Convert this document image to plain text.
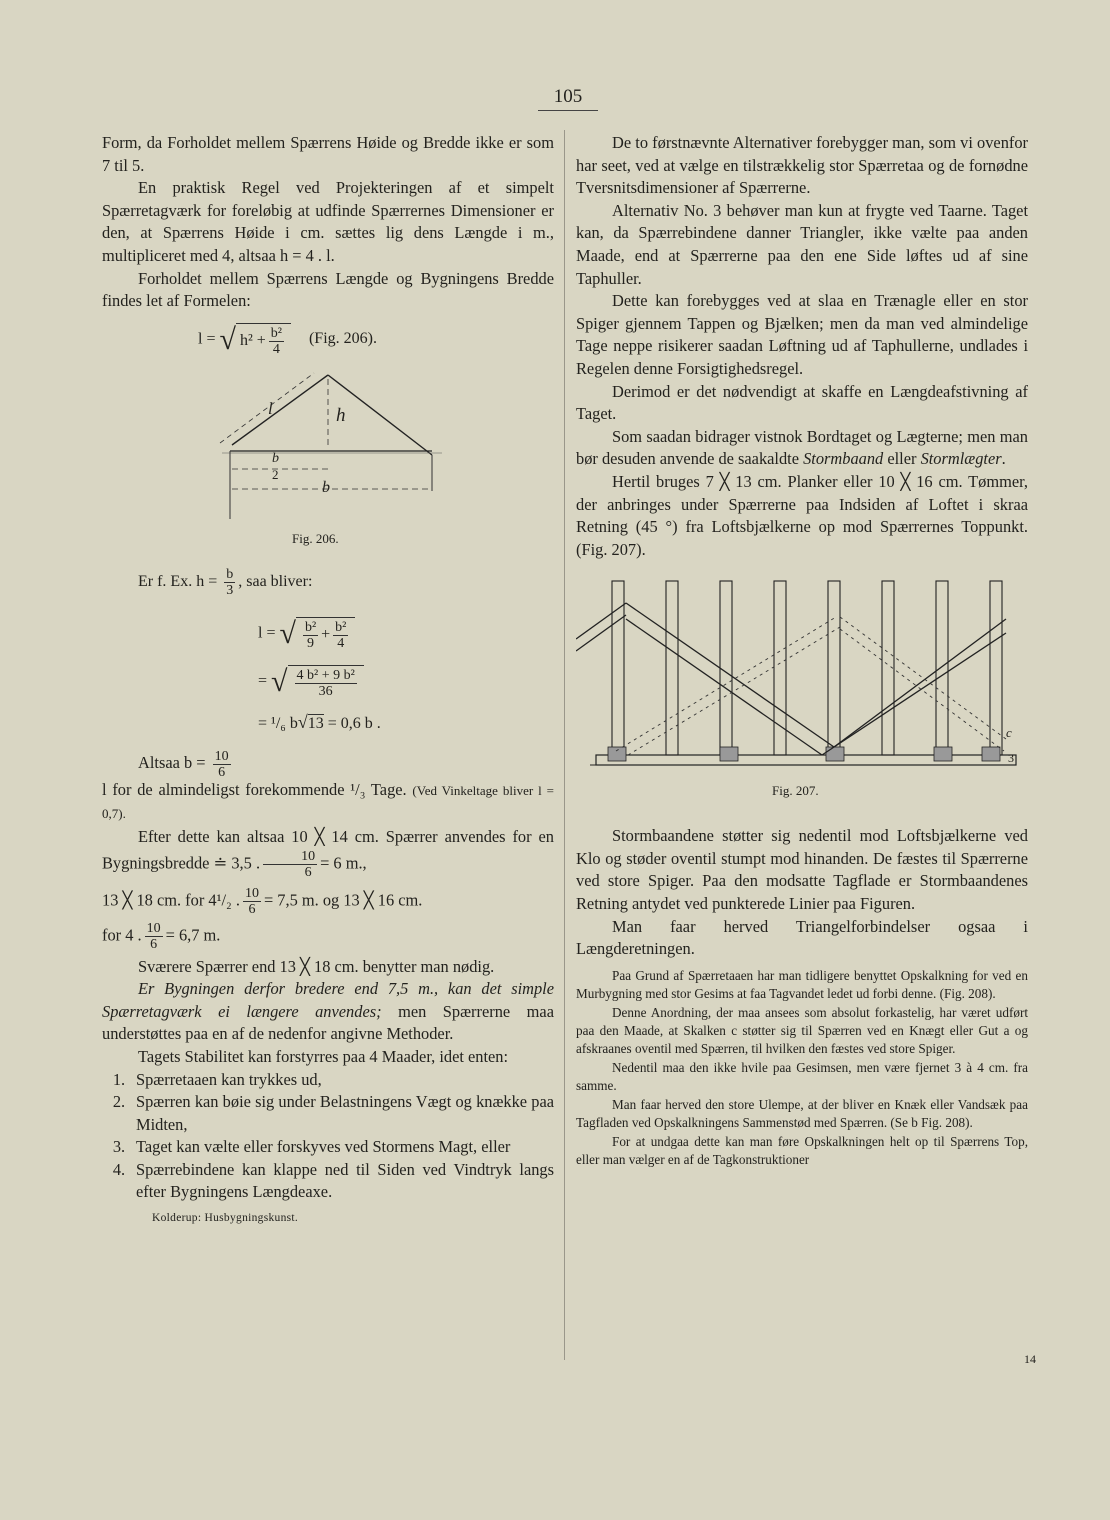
105

Form, da Forholdet mellem Spærrens Høide og Bredde ikke er som 7 til 5.

En praktisk Regel ved Projekteringen af et simpelt Spærretagværk for foreløbig at udfinde Spærrernes Dimensioner er den, at Spærrens Høide i cm. sættes lig dens Længde i m., multipliceret med 4, altsaa h = 4 . l.

Forholdet mellem Spærrens Længde og Bygningens Bredde findes let af Formelen:

l = √ $h^2 + \frac{\text{b²}}{4} (Fig$. 206).
l	h
b
2
b
Fig. 206.
Er f. Ex. $h = \frac{b}{3}$ , saa bliver:
l = √ $\frac{\text{b²}}{9} + \frac{\text{b²}}{4}$
= √ $\frac{\text{4 b² + 9 b²}}{36}$
= ¹/₆ b√13 = 0,6 b .
Altsaa $b = \frac{10}{6}$

l for de almindeligst forekommende ¹/₃ Tage. (Ved Vinkeltage bliver l = 0,7).

Efter dette kan altsaa 10 ╳ 14 cm. Spærrer anvendes for en Bygningsbredde ≐ 3,5 . $\frac{10}{6} = 6$ m.,

13 ╳ 18 cm. for 4¹/₂ . $\frac{10}{6} = 7,5$ m. og 13 ╳ 16 cm.

for 4 . $\frac{10}{6} = 6,7$ m.

Sværere Spærrer end 13 ╳ 18 cm. benytter man nødig.

Er Bygningen derfor bredere end 7,5 m., kan det simple Spærretagværk ei længere anvendes; men Spærrerne maa understøttes paa en af de nedenfor angivne Methoder.

Tagets Stabilitet kan forstyrres paa 4 Maader, idet enten:

1. Spærretaaen kan trykkes ud,
2. Spærren kan bøie sig under Belastningens Vægt og knække paa Midten,
3. Taget kan vælte eller forskyves ved Stormens Magt, eller
4. Spærrebindene kan klappe ned til Siden ved Vindtryk langs efter Bygningens Længdeaxe.
Kolderup: Husbygningskunst.

De to førstnævnte Alternativer forebygger man, som vi ovenfor har seet, ved at vælge en tilstrækkelig stor Spærretaa og de fornødne Tversnitsdimensioner af Spærrerne.

Alternativ No. 3 behøver man kun at frygte ved Taarne. Taget kan, da Spærrebindene danner Triangler, ikke vælte paa anden Maade, end at Spærrerne paa den ene Side løftes ud af sine Taphuller.

Dette kan forebygges ved at slaa en Trænagle eller en stor Spiger gjennem Tappen og Bjælken; men da man ved almindelige Tage neppe risikerer saadan Løftning ud af Taphullerne, undlades i Regelen denne Forsigtighedsregel.

Derimod er det nødvendigt at skaffe en Længdeafstivning af Taget.

Som saadan bidrager vistnok Bordtaget og Lægterne; men man bør desuden anvende de saakaldte Stormbaand eller Stormlægter.

Hertil bruges 7 ╳ 13 cm. Planker eller 10 ╳ 16 cm. Tømmer, der anbringes under Spærrerne paa Indsiden af Loftet i skraa Retning (45 °) fra Loftsbjælkerne op mod Spærrernes Toppunkt. (Fig. 207).

c
3
Fig. 207.

Stormbaandene støtter sig nedentil mod Loftsbjælkerne ved Klo og støder oventil stumpt mod hinanden. De fæstes til Spærrerne ved store Spiger. Paa den modsatte Tagflade er Stormbaandenes Retning antydet ved punkterede Linier paa Figuren.

Man faar herved Triangelforbindelser ogsaa i Længderetningen.

Paa Grund af Spærretaaen har man tidligere benyttet Opskalkning for ved en Murbygning med stor Gesims at faa Tagvandet ledet ud forbi denne. (Fig. 208).

Denne Anordning, der maa ansees som absolut forkastelig, har været udført paa den Maade, at Skalken c støtter sig til Spærren ved en Knægt eller Gut a og afskraanes oventil med Spærren, til hvilken den fæstes ved store Spiger.

Nedentil maa den ikke hvile paa Gesimsen, men være fjernet 3 à 4 cm. fra samme.

Man faar herved den store Ulempe, at der bliver en Knæk eller Vandsæk paa Tagfladen ved Opskalkningens Sammenstød med Spærren. (Se b Fig. 208).

For at undgaa dette kan man føre Opskalkningen helt op til Spærrens Top, eller man vælger en af de Tagkonstruktioner

14
